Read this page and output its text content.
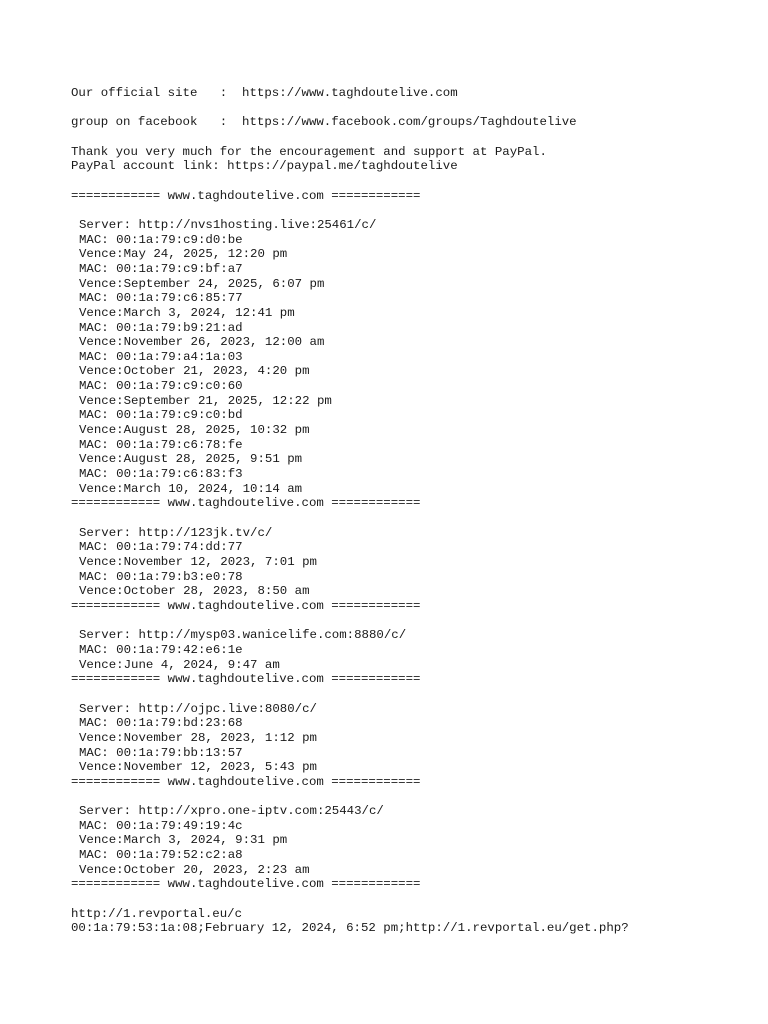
Our official site   :  https://www.taghdoutelive.com
group on facebook   :  https://www.facebook.com/groups/Taghdoutelive
Thank you very much for the encouragement and support at PayPal.
PayPal account link: https://paypal.me/taghdoutelive
============ www.taghdoutelive.com ============
Server: http://nvs1hosting.live:25461/c/
MAC: 00:1a:79:c9:d0:be
Vence:May 24, 2025, 12:20 pm
MAC: 00:1a:79:c9:bf:a7
Vence:September 24, 2025, 6:07 pm
MAC: 00:1a:79:c6:85:77
Vence:March 3, 2024, 12:41 pm
MAC: 00:1a:79:b9:21:ad
Vence:November 26, 2023, 12:00 am
MAC: 00:1a:79:a4:1a:03
Vence:October 21, 2023, 4:20 pm
MAC: 00:1a:79:c9:c0:60
Vence:September 21, 2025, 12:22 pm
MAC: 00:1a:79:c9:c0:bd
Vence:August 28, 2025, 10:32 pm
MAC: 00:1a:79:c6:78:fe
Vence:August 28, 2025, 9:51 pm
MAC: 00:1a:79:c6:83:f3
Vence:March 10, 2024, 10:14 am
============ www.taghdoutelive.com ============
Server: http://123jk.tv/c/
MAC: 00:1a:79:74:dd:77
Vence:November 12, 2023, 7:01 pm
MAC: 00:1a:79:b3:e0:78
Vence:October 28, 2023, 8:50 am
============ www.taghdoutelive.com ============
Server: http://mysp03.wanicelife.com:8880/c/
MAC: 00:1a:79:42:e6:1e
Vence:June 4, 2024, 9:47 am
============ www.taghdoutelive.com ============
Server: http://ojpc.live:8080/c/
MAC: 00:1a:79:bd:23:68
Vence:November 28, 2023, 1:12 pm
MAC: 00:1a:79:bb:13:57
Vence:November 12, 2023, 5:43 pm
============ www.taghdoutelive.com ============
Server: http://xpro.one-iptv.com:25443/c/
MAC: 00:1a:79:49:19:4c
Vence:March 3, 2024, 9:31 pm
MAC: 00:1a:79:52:c2:a8
Vence:October 20, 2023, 2:23 am
============ www.taghdoutelive.com ============
http://1.revportal.eu/c
00:1a:79:53:1a:08;February 12, 2024, 6:52 pm;http://1.revportal.eu/get.php?
